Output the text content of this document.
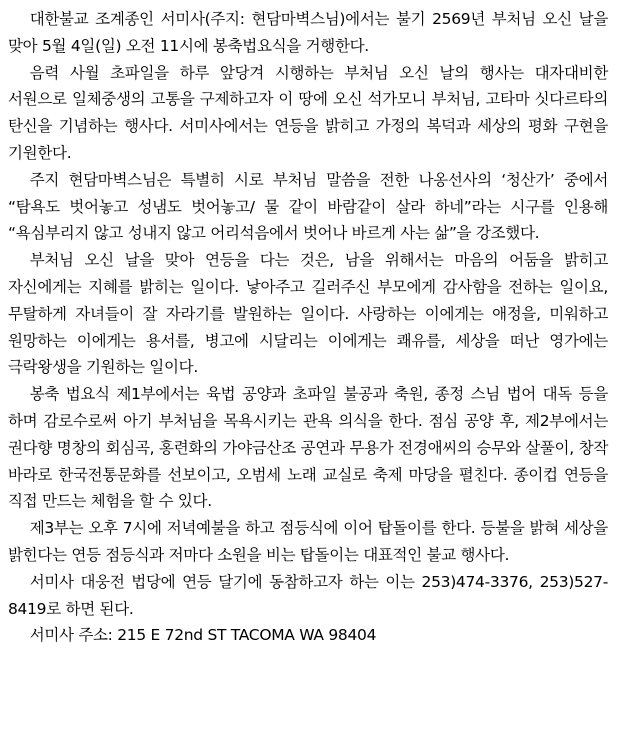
대한불교 조계종인 서미사(주지: 현담마벽스님)에서는 불기 2569년 부처님 오신 날을 맞아 5월 4일(일) 오전 11시에 봉축법요식을 거행한다.

음력 사월 초파일을 하루 앞당겨 시행하는 부처님 오신 날의 행사는 대자대비한 서원으로 일체중생의 고통을 구제하고자 이 땅에 오신 석가모니 부처님, 고타마 싯다르타의 탄신을 기념하는 행사다. 서미사에서는 연등을 밝히고 가정의 복덕과 세상의 평화 구현을 기원한다.

주지 현담마벽스님은 특별히 시로 부처님 말씀을 전한 나옹선사의 ‘청산가’ 중에서 “탐욕도 벗어놓고 성냄도 벗어놓고/ 물 같이 바람같이 살라 하네”라는 시구를 인용해 “욕심부리지 않고 성내지 않고 어리석음에서 벗어나 바르게 사는 삶”을 강조했다.

부처님 오신 날을 맞아 연등을 다는 것은, 남을 위해서는 마음의 어둠을 밝히고 자신에게는 지혜를 밝히는 일이다. 낳아주고 길러주신 부모에게 감사함을 전하는 일이요, 무탈하게 자녀들이 잘 자라기를 발원하는 일이다. 사랑하는 이에게는 애정을, 미워하고 원망하는 이에게는 용서를, 병고에 시달리는 이에게는 쾌유를, 세상을 떠난 영가에는 극락왕생을 기원하는 일이다.

봉축 법요식 제1부에서는 육법 공양과 초파일 불공과 축원, 종정 스님 법어 대독 등을 하며 감로수로써 아기 부처님을 목욕시키는 관욕 의식을 한다. 점심 공양 후, 제2부에서는 권다향 명창의 회심곡, 홍련화의 가야금산조 공연과 무용가 전경애씨의 승무와 살풀이, 창작 바라로 한국전통문화를 선보이고, 오범세 노래 교실로 축제 마당을 펼친다. 종이컵 연등을 직접 만드는 체험을 할 수 있다.

제3부는 오후 7시에 저녁예불을 하고 점등식에 이어 탑돌이를 한다. 등불을 밝혀 세상을 밝힌다는 연등 점등식과 저마다 소원을 비는 탑돌이는 대표적인 불교 행사다.

서미사 대웅전 법당에 연등 달기에 동참하고자 하는 이는 253)474-3376, 253)527-8419로 하면 된다.

서미사 주소: 215 E 72nd ST TACOMA WA 98404
